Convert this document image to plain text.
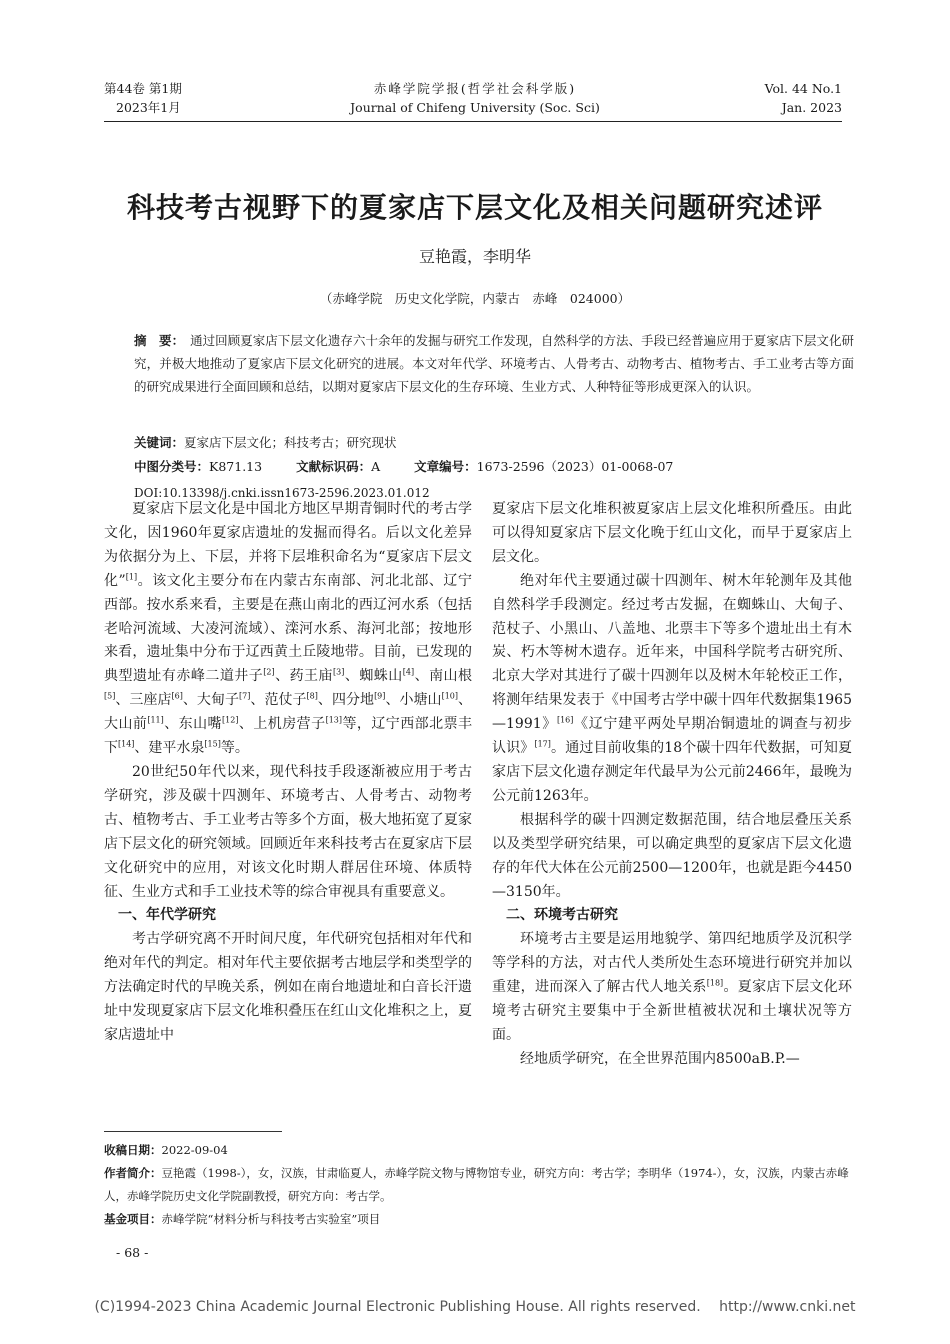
第44卷 第1期
2023年1月
赤峰学院学报(哲学社会科学版)
Journal of Chifeng University (Soc. Sci)
Vol. 44 No.1
Jan. 2023
科技考古视野下的夏家店下层文化及相关问题研究述评
豆艳霞，李明华
（赤峰学院　历史文化学院，内蒙古　赤峰　024000）
摘　要： 通过回顾夏家店下层文化遗存六十余年的发掘与研究工作发现，自然科学的方法、手段已经普遍应用于夏家店下层文化研究，并极大地推动了夏家店下层文化研究的进展。本文对年代学、环境考古、人骨考古、动物考古、植物考古、手工业考古等方面的研究成果进行全面回顾和总结，以期对夏家店下层文化的生存环境、生业方式、人种特征等形成更深入的认识。
关键词：夏家店下层文化；科技考古；研究现状
中图分类号：K871.13	文献标识码：A	文章编号：1673-2596（2023）01-0068-07
DOI:10.13398/j.cnki.issn1673-2596.2023.01.012

夏家店下层文化是中国北方地区早期青铜时代的考古学文化，因1960年夏家店遗址的发掘而得名。后以文化差异为依据分为上、下层，并将下层堆积命名为“夏家店下层文化”[1]。该文化主要分布在内蒙古东南部、河北北部、辽宁西部。按水系来看，主要是在燕山南北的西辽河水系（包括老哈河流域、大凌河流域）、滦河水系、海河北部；按地形来看，遗址集中分布于辽西黄土丘陵地带。目前，已发现的典型遗址有赤峰二道井子[2]、药王庙[3]、蜘蛛山[4]、南山根[5]、三座店[6]、大甸子[7]、范仗子[8]、四分地[9]、小塘山[10]、大山前[11]、东山嘴[12]、上机房营子[13]等，辽宁西部北票丰下[14]、建平水泉[15]等。

20世纪50年代以来，现代科技手段逐渐被应用于考古学研究，涉及碳十四测年、环境考古、人骨考古、动物考古、植物考古、手工业考古等多个方面，极大地拓宽了夏家店下层文化的研究领域。回顾近年来科技考古在夏家店下层文化研究中的应用，对该文化时期人群居住环境、体质特征、生业方式和手工业技术等的综合审视具有重要意义。

一、年代学研究

考古学研究离不开时间尺度，年代研究包括相对年代和绝对年代的判定。相对年代主要依据考古地层学和类型学的方法确定时代的早晚关系，例如在南台地遗址和白音长汗遗址中发现夏家店下层文化堆积叠压在红山文化堆积之上，夏家店遗址中

夏家店下层文化堆积被夏家店上层文化堆积所叠压。由此可以得知夏家店下层文化晚于红山文化，而早于夏家店上层文化。

绝对年代主要通过碳十四测年、树木年轮测年及其他自然科学手段测定。经过考古发掘，在蜘蛛山、大甸子、范杖子、小黑山、八盖地、北票丰下等多个遗址出土有木炭、朽木等树木遗存。近年来，中国科学院考古研究所、北京大学对其进行了碳十四测年以及树木年轮校正工作，将测年结果发表于《中国考古学中碳十四年代数据集1965—1991》[16]《辽宁建平两处早期冶铜遗址的调查与初步认识》[17]。通过目前收集的18个碳十四年代数据，可知夏家店下层文化遗存测定年代最早为公元前2466年，最晚为公元前1263年。

根据科学的碳十四测定数据范围，结合地层叠压关系以及类型学研究结果，可以确定典型的夏家店下层文化遗存的年代大体在公元前2500—1200年，也就是距今4450—3150年。

二、环境考古研究

环境考古主要是运用地貌学、第四纪地质学及沉积学等学科的方法，对古代人类所处生态环境进行研究并加以重建，进而深入了解古代人地关系[18]。夏家店下层文化环境考古研究主要集中于全新世植被状况和土壤状况等方面。

经地质学研究，在全世界范围内8500aB.P.—

收稿日期：2022-09-04
作者简介：豆艳霞（1998-），女，汉族，甘肃临夏人，赤峰学院文物与博物馆专业，研究方向：考古学；李明华（1974-），女，汉族，内蒙古赤峰人，赤峰学院历史文化学院副教授，研究方向：考古学。
基金项目：赤峰学院“材料分析与科技考古实验室”项目
- 68 -
(C)1994-2023 China Academic Journal Electronic Publishing House. All rights reserved.　 http://www.cnki.net
